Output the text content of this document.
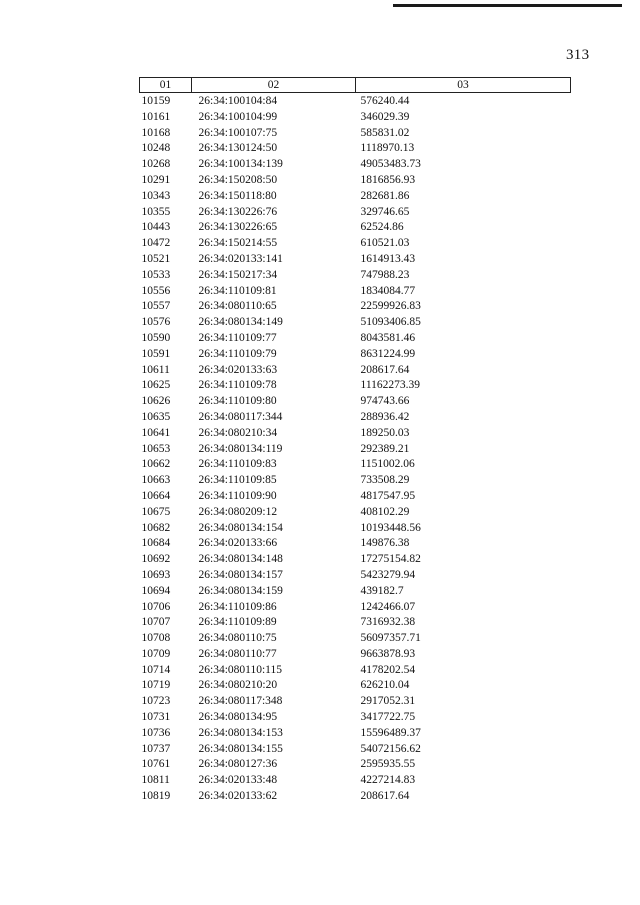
313
01	02	03
10159	26:34:100104:84	576240.44
10161	26:34:100104:99	346029.39
10168	26:34:100107:75	585831.02
10248	26:34:130124:50	1118970.13
10268	26:34:100134:139	49053483.73
10291	26:34:150208:50	1816856.93
10343	26:34:150118:80	282681.86
10355	26:34:130226:76	329746.65
10443	26:34:130226:65	62524.86
10472	26:34:150214:55	610521.03
10521	26:34:020133:141	1614913.43
10533	26:34:150217:34	747988.23
10556	26:34:110109:81	1834084.77
10557	26:34:080110:65	22599926.83
10576	26:34:080134:149	51093406.85
10590	26:34:110109:77	8043581.46
10591	26:34:110109:79	8631224.99
10611	26:34:020133:63	208617.64
10625	26:34:110109:78	11162273.39
10626	26:34:110109:80	974743.66
10635	26:34:080117:344	288936.42
10641	26:34:080210:34	189250.03
10653	26:34:080134:119	292389.21
10662	26:34:110109:83	1151002.06
10663	26:34:110109:85	733508.29
10664	26:34:110109:90	4817547.95
10675	26:34:080209:12	408102.29
10682	26:34:080134:154	10193448.56
10684	26:34:020133:66	149876.38
10692	26:34:080134:148	17275154.82
10693	26:34:080134:157	5423279.94
10694	26:34:080134:159	439182.7
10706	26:34:110109:86	1242466.07
10707	26:34:110109:89	7316932.38
10708	26:34:080110:75	56097357.71
10709	26:34:080110:77	9663878.93
10714	26:34:080110:115	4178202.54
10719	26:34:080210:20	626210.04
10723	26:34:080117:348	2917052.31
10731	26:34:080134:95	3417722.75
10736	26:34:080134:153	15596489.37
10737	26:34:080134:155	54072156.62
10761	26:34:080127:36	2595935.55
10811	26:34:020133:48	4227214.83
10819	26:34:020133:62	208617.64
